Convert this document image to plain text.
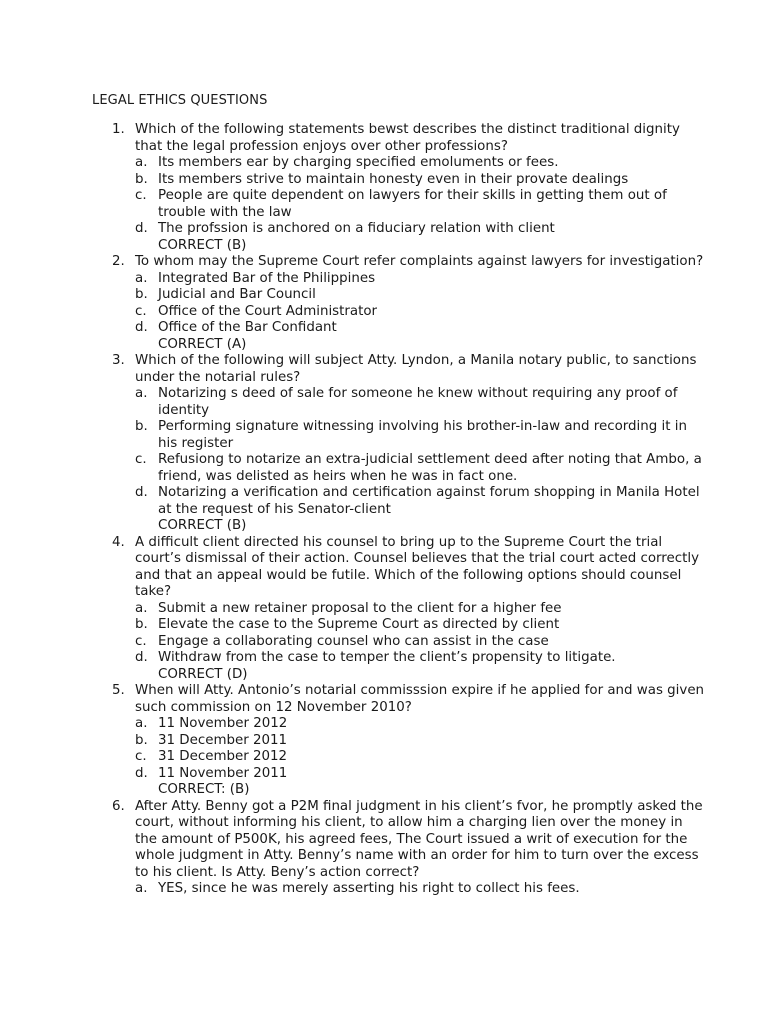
LEGAL ETHICS QUESTIONS
1. Which of the following statements bewst describes the distinct traditional dignity that the legal profession enjoys over other professions?
a. Its members ear by charging specified emoluments or fees.
b. Its members strive to maintain honesty even in their provate dealings
c. People are quite dependent on lawyers for their skills in getting them out of trouble with the law
d. The profssion is anchored on a fiduciary relation with client
CORRECT (B)
2. To whom may the Supreme Court refer complaints against lawyers for investigation?
a. Integrated Bar of the Philippines
b. Judicial and Bar Council
c. Office of the Court Administrator
d. Office of the Bar Confidant
CORRECT (A)
3. Which of the following will subject Atty. Lyndon, a Manila notary public, to sanctions under the notarial rules?
a. Notarizing s deed of sale for someone he knew without requiring any proof of identity
b. Performing signature witnessing involving his brother-in-law and recording it in his register
c. Refusiong to notarize an extra-judicial settlement deed after noting that Ambo, a friend, was delisted as heirs when he was in fact one.
d. Notarizing a verification and certification against forum shopping in Manila Hotel at the request of his Senator-client
CORRECT (B)
4. A difficult client directed his counsel to bring up to the Supreme Court the trial court’s dismissal of their action. Counsel believes that the trial court acted correctly and that an appeal would be futile. Which of the following options should counsel take?
a. Submit a new retainer proposal to the client for a higher fee
b. Elevate the case to the Supreme Court as directed by client
c. Engage a collaborating counsel who can assist in the case
d. Withdraw from the case to temper the client’s propensity to litigate.
CORRECT (D)
5. When will Atty. Antonio’s notarial commisssion expire if he applied for and was given such commission on 12 November 2010?
a. 11 November 2012
b. 31 December 2011
c. 31 December 2012
d. 11 November 2011
CORRECT: (B)
6. After Atty. Benny got a P2M final judgment in his client’s fvor, he promptly asked the court, without informing his client, to allow him a charging lien over the money in the amount of P500K, his agreed fees, The Court issued a writ of execution for the whole judgment in Atty. Benny’s name with an order for him to turn over the excess to his client. Is Atty. Beny’s action correct?
a. YES, since he was merely asserting his right to collect his fees.
